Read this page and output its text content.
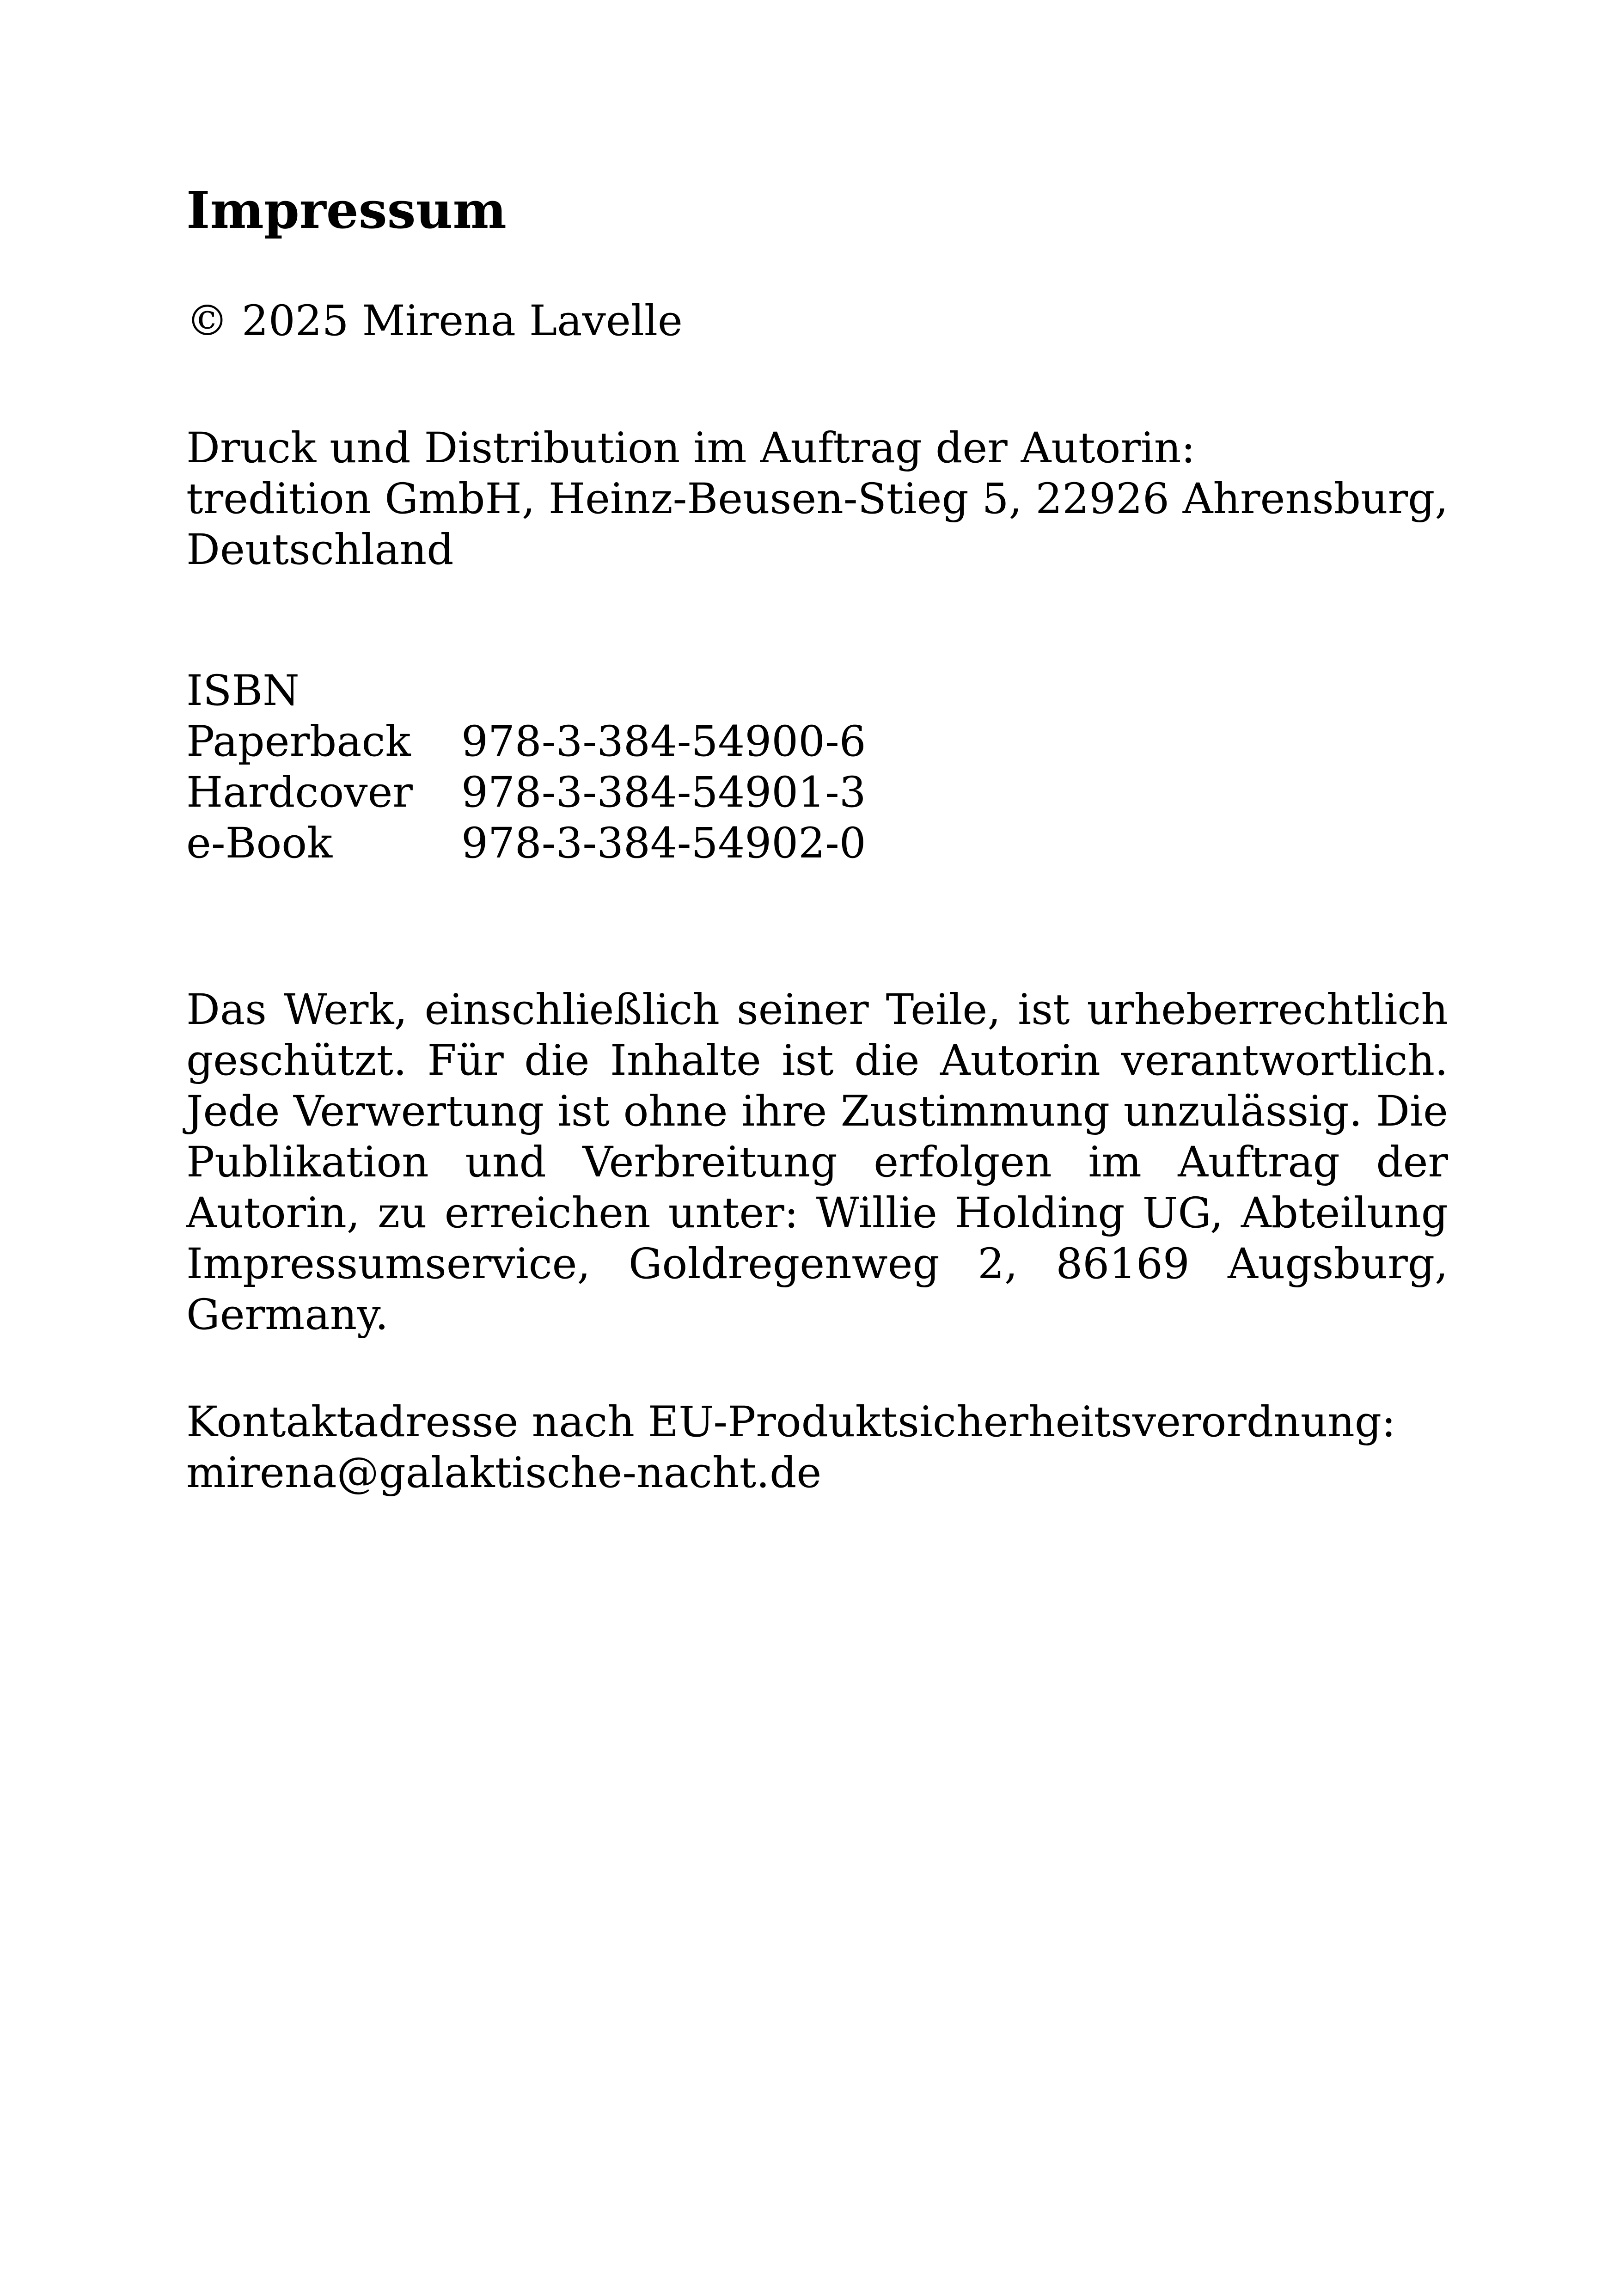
Impressum

© 2025 Mirena Lavelle

Druck und Distribution im Auftrag der Autorin:
tredition GmbH, Heinz-Beusen-Stieg 5, 22926 Ahrensburg,
Deutschland
ISBN
Paperback	978-3-384-54900-6
Hardcover	978-3-384-54901-3
e-Book	978-3-384-54902-0

Das Werk, einschließlich seiner Teile, ist urheberrechtlich geschützt. Für die Inhalte ist die Autorin verantwortlich. Jede Verwertung ist ohne ihre Zustimmung unzulässig. Die Publikation und Verbreitung erfolgen im Auftrag der Autorin, zu erreichen unter: Willie Holding UG, Abteilung Impressumservice, Goldregenweg 2, 86169 Augsburg, Germany.

Kontaktadresse nach EU-Produktsicherheitsverordnung:
mirena@galaktische-nacht.de
